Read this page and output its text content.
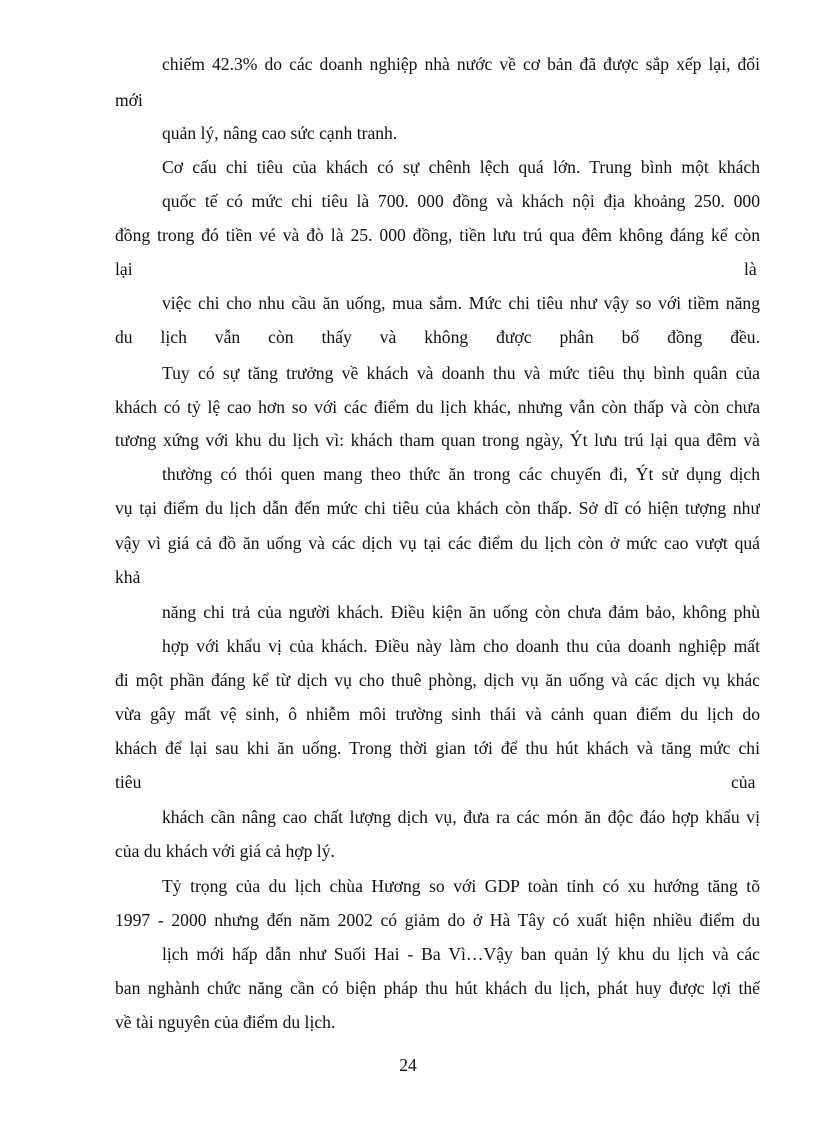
chiếm 42.3% do các doanh nghiệp nhà nước về cơ bản đã được sắp xếp lại, đổi
mới
quản lý, nâng cao sức cạnh tranh.
Cơ cấu chi tiêu của khách có sự chênh lệch quá lớn. Trung bình một khách
quốc tế có mức chi tiêu là 700. 000 đồng và khách nội địa khoảng 250. 000
đồng trong đó tiền vé và đò là 25. 000 đồng, tiền lưu trú qua đêm không đáng kể còn
lại	là
việc chi cho nhu cầu ăn uống, mua sắm. Mức chi tiêu như vậy so với tiềm năng
du lịch vẫn còn thấy và không được phân bố đồng đều.
Tuy có sự tăng trưởng về khách và doanh thu và mức tiêu thụ bình quân của
khách có tỷ lệ cao hơn so với các điểm du lịch khác, nhưng vẫn còn thấp và còn chưa
tương xứng với khu du lịch vì: khách tham quan trong ngày, Ýt lưu trú lại qua đêm và
thường có thói quen mang theo thức ăn trong các chuyến đi, Ýt sử dụng dịch
vụ tại điểm du lịch dẫn đến mức chi tiêu của khách còn thấp. Sở dĩ có hiện tượng như
vậy vì giá cả đồ ăn uống và các dịch vụ tại các điểm du lịch còn ở mức cao vượt quá
khả
năng chi trả của người khách. Điều kiện ăn uống còn chưa đảm bảo, không phù
hợp với khẩu vị của khách. Điều này làm cho doanh thu của doanh nghiệp mất
đi một phần đáng kể từ dịch vụ cho thuê phòng, dịch vụ ăn uống và các dịch vụ khác
vừa gây mất vệ sinh, ô nhiễm môi trường sinh thái và cảnh quan điểm du lịch do
khách để lại sau khi ăn uống. Trong thời gian tới để thu hút khách và tăng mức chi
tiêu	của
khách cần nâng cao chất lượng dịch vụ, đưa ra các món ăn độc đáo hợp khẩu vị
của du khách với giá cả hợp lý.
Tỷ trọng của du lịch chùa Hương so với GDP toàn tỉnh có xu hướng tăng tõ
1997 - 2000 nhưng đến năm 2002 có giảm do ở Hà Tây có xuất hiện nhiều điểm du
lịch mới hấp dẫn như Suối Hai - Ba Vì…Vậy ban quản lý khu du lịch và các
ban nghành chức năng cần có biện pháp thu hút khách du lịch, phát huy được lợi thế
về tài nguyên của điểm du lịch.
24
